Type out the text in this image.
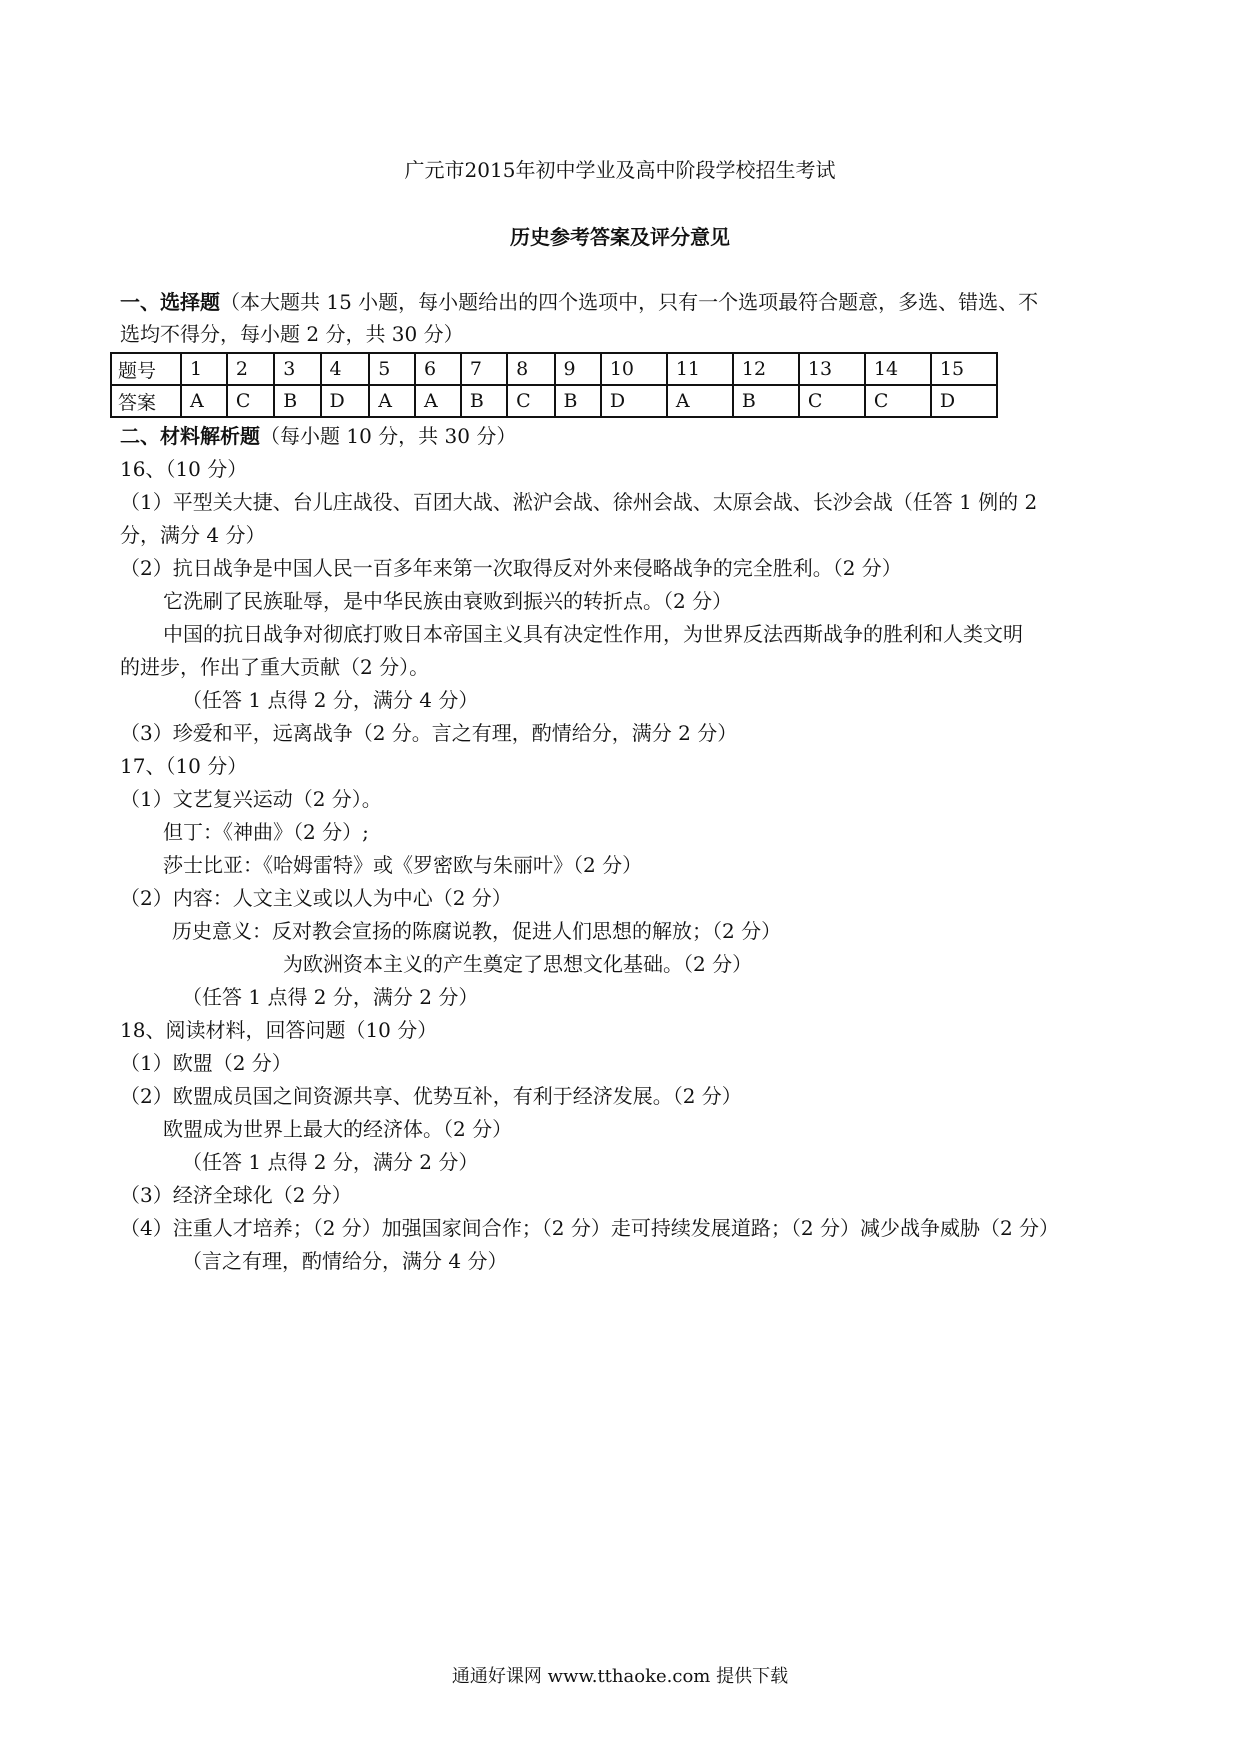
广元市2015年初中学业及高中阶段学校招生考试
历史参考答案及评分意见
一、选择题（本大题共 15 小题，每小题给出的四个选项中，只有一个选项最符合题意，多选、错选、不
选均不得分，每小题 2 分，共 30 分）
题号	1	2	3	4	5	6	7	8	9	10	11	12	13	14	15
答案	A	C	B	D	A	A	B	C	B	D	A	B	C	C	D
二、材料解析题（每小题 10 分，共 30 分）
16、（10 分）
（1）平型关大捷、台儿庄战役、百团大战、淞沪会战、徐州会战、太原会战、长沙会战（任答 1 例的 2
分，满分 4 分）
（2）抗日战争是中国人民一百多年来第一次取得反对外来侵略战争的完全胜利。（2 分）
它洗刷了民族耻辱，是中华民族由衰败到振兴的转折点。（2 分）
中国的抗日战争对彻底打败日本帝国主义具有决定性作用，为世界反法西斯战争的胜利和人类文明
的进步，作出了重大贡献（2 分）。
（任答 1 点得 2 分，满分 4 分）
（3）珍爱和平，远离战争（2 分。言之有理，酌情给分，满分 2 分）
17、（10 分）
（1）文艺复兴运动（2 分）。
但丁：《神曲》（2 分）;
莎士比亚：《哈姆雷特》或《罗密欧与朱丽叶》（2 分）
（2）内容：人文主义或以人为中心（2 分）
历史意义：反对教会宣扬的陈腐说教，促进人们思想的解放；（2 分）
为欧洲资本主义的产生奠定了思想文化基础。（2 分）
（任答 1 点得 2 分，满分 2 分）
18、阅读材料，回答问题（10 分）
（1）欧盟（2 分）
（2）欧盟成员国之间资源共享、优势互补，有利于经济发展。（2 分）
欧盟成为世界上最大的经济体。（2 分）
（任答 1 点得 2 分，满分 2 分）
（3）经济全球化（2 分）
（4）注重人才培养；（2 分）加强国家间合作；（2 分）走可持续发展道路；（2 分）减少战争威胁（2 分）
（言之有理，酌情给分，满分 4 分）
通通好课网 www.tthaoke.com 提供下载
